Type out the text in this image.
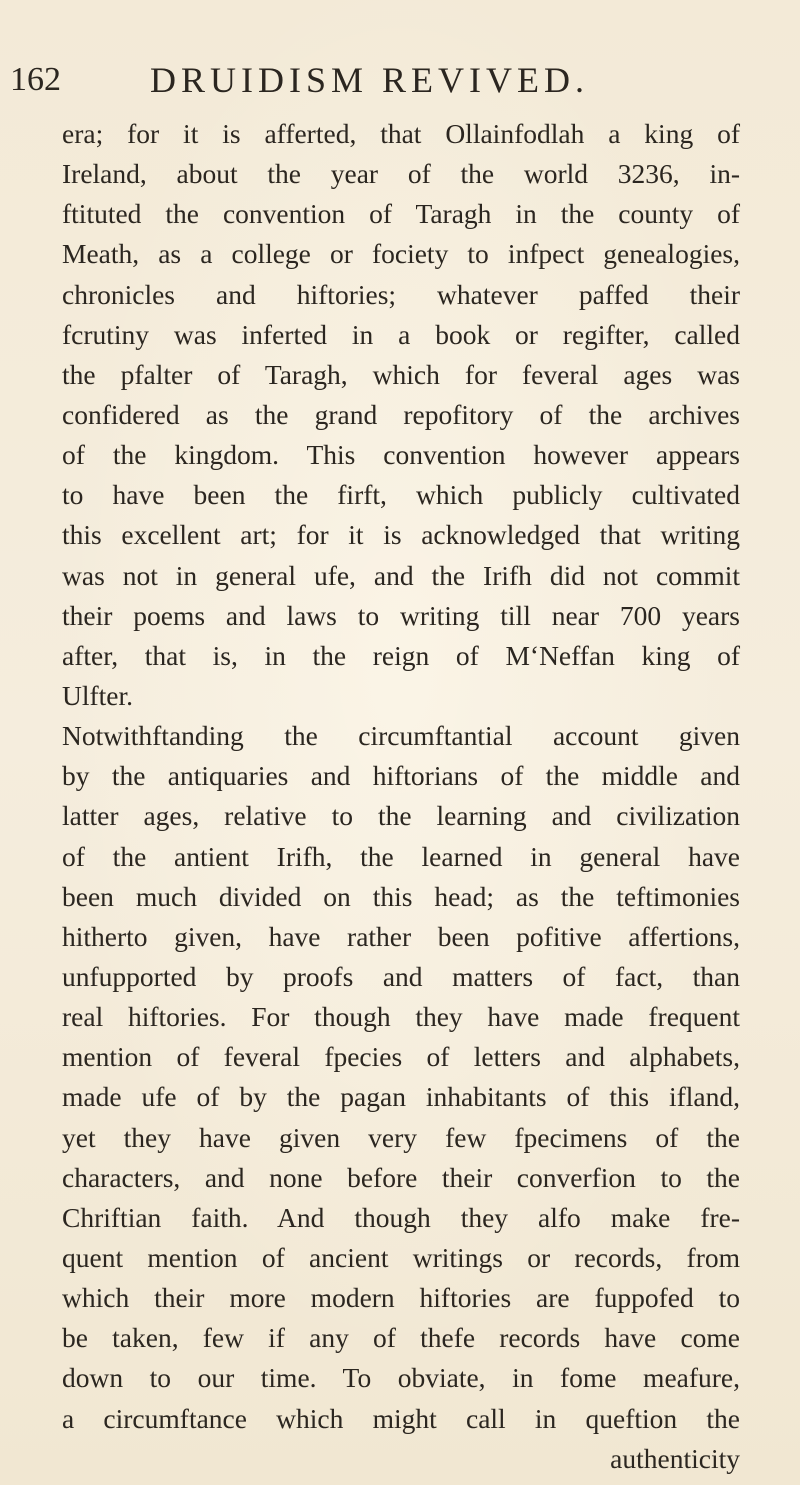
162 DRUIDISM REVIVED.
era; for it is afferted, that Ollainfodlah a king of
Ireland, about the year of the world 3236, in-
ftituted the convention of Taragh in the county of
Meath, as a college or fociety to infpect genealogies,
chronicles and hiftories; whatever paffed their
fcrutiny was inferted in a book or regifter, called
the pfalter of Taragh, which for feveral ages was
confidered as the grand repofitory of the archives
of the kingdom. This convention however appears
to have been the firft, which publicly cultivated
this excellent art; for it is acknowledged that writing
was not in general ufe, and the Irifh did not commit
their poems and laws to writing till near 700 years
after, that is, in the reign of M‘Neffan king of
Ulfter.
Notwithftanding the circumftantial account given
by the antiquaries and hiftorians of the middle and
latter ages, relative to the learning and civilization
of the antient Irifh, the learned in general have
been much divided on this head; as the teftimonies
hitherto given, have rather been pofitive affertions,
unfupported by proofs and matters of fact, than
real hiftories. For though they have made frequent
mention of feveral fpecies of letters and alphabets,
made ufe of by the pagan inhabitants of this ifland,
yet they have given very few fpecimens of the
characters, and none before their converfion to the
Chriftian faith. And though they alfo make fre-
quent mention of ancient writings or records, from
which their more modern hiftories are fuppofed to
be taken, few if any of thefe records have come
down to our time. To obviate, in fome meafure,
a circumftance which might call in queftion the
authenticity
